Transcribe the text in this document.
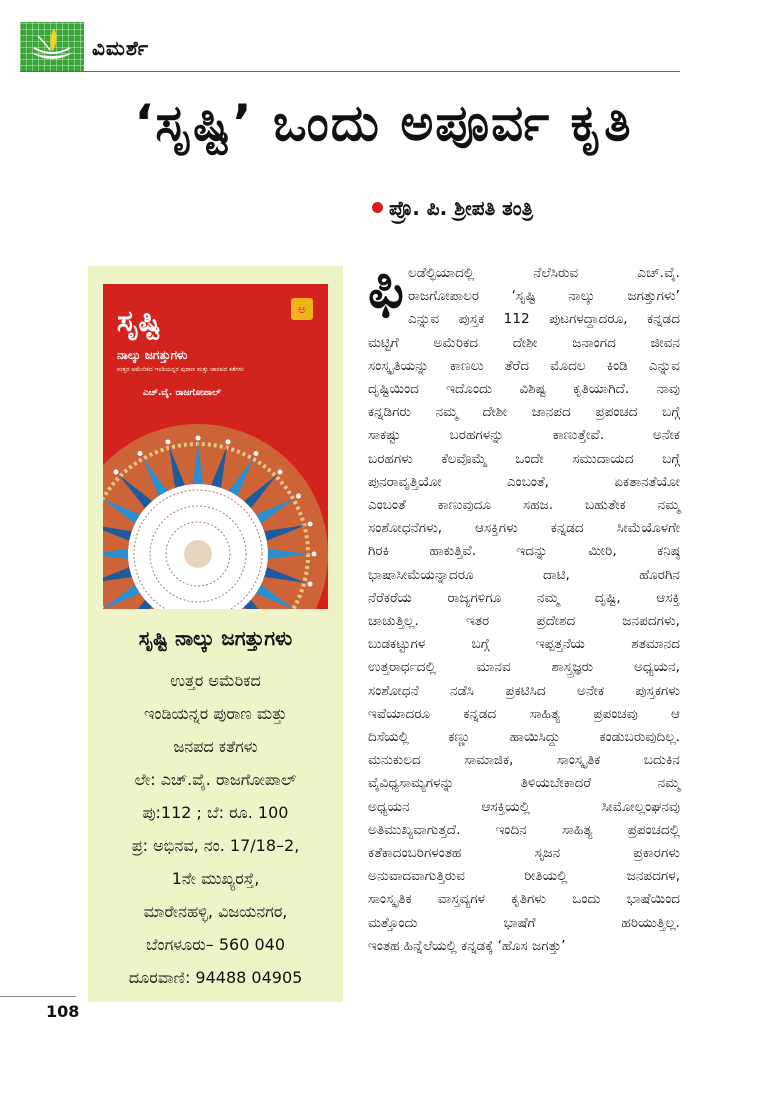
ವಿಮರ್ಶೆ
‘ಸೃಷ್ಟಿ’ ಒಂದು ಅಪೂರ್ವ ಕೃತಿ
ಪ್ರೊ. ಪಿ. ಶ್ರೀಪತಿ ತಂತ್ರಿ
ಅ
ಸೃಷ್ಟಿ
ನಾಲ್ಕು ಜಗತ್ತುಗಳು
ಉತ್ತರ ಅಮೇರಿಕದ ಇಂಡಿಯನ್ನರ ಪುರಾಣ ಮತ್ತು ಜಾನಪದ ಕತೆಗಳು
ಎಚ್.ವೈ. ರಾಜಗೋಪಾಲ್
ಸೃಷ್ಟಿ ನಾಲ್ಕು ಜಗತ್ತುಗಳು
ಉತ್ತರ ಅಮೆರಿಕದ
ಇಂಡಿಯನ್ನರ ಪುರಾಣ ಮತ್ತು
ಜನಪದ ಕತೆಗಳು
ಲೇ: ಎಚ್.ವೈ. ರಾಜಗೋಪಾಲ್
ಪು:112 ; ಬೆ: ರೂ. 100
ಪ್ರ: ಅಭಿನವ, ನಂ. 17/18–2,
1ನೇ ಮುಖ್ಯರಸ್ತೆ,
ಮಾರೇನಹಳ್ಳಿ, ವಿಜಯನಗರ,
ಬೆಂಗಳೂರು– 560 040
ದೂರವಾಣಿ: 94488 04905
ಫಿ ಲಡೆಲ್ಫಿಯಾದಲ್ಲಿ ನೆಲೆಸಿರುವ ಎಚ್.ವೈ.
ರಾಜಗೋಪಾಲರ ‘ಸೃಷ್ಟಿ ನಾಲ್ಕು ಜಗತ್ತುಗಳು’
ಎನ್ನುವ ಪುಸ್ತಕ 112 ಪುಟಗಳದ್ದಾದರೂ, ಕನ್ನಡದ
ಮಟ್ಟಿಗೆ ಅಮೆರಿಕದ ದೇಶೀ ಜನಾಂಗದ ಜೀವನ
ಸಂಸ್ಕೃತಿಯನ್ನು ಕಾಣಲು ತೆರೆದ ಮೊದಲ ಕಿಂಡಿ ಎನ್ನುವ
ದೃಷ್ಟಿಯಿಂದ ಇದೊಂದು ವಿಶಿಷ್ಟ ಕೃತಿಯಾಗಿದೆ. ನಾವು
ಕನ್ನಡಿಗರು ನಮ್ಮ ದೇಶೀ ಜಾನಪದ ಪ್ರಪಂಚದ ಬಗ್ಗೆ
ಸಾಕಷ್ಟು ಬರಹಗಳನ್ನು ಕಾಣುತ್ತೇವೆ. ಅನೇಕ
ಬರಹಗಳು ಕೆಲವೊಮ್ಮೆ ಒಂದೇ ಸಮುದಾಯದ ಬಗ್ಗೆ
ಪುನರಾವೃತ್ತಿಯೋ ಎಂಬಂತೆ, ಏಕತಾನತೆಯೋ
ಎಂಬಂತೆ ಕಾಣುವುದೂ ಸಹಜ. ಬಹುತೇಕ ನಮ್ಮ
ಸಂಶೋಧನೆಗಳು, ಆಸಕ್ತಿಗಳು ಕನ್ನಡದ ಸೀಮೆಯೊಳಗೇ
ಗಿರಕಿ ಹಾಕುತ್ತಿವೆ. ಇದನ್ನು ಮೀರಿ, ಕನಿಷ್ಠ
ಭಾಷಾಸೀಮೆಯನ್ನಾದರೂ ದಾಟಿ, ಹೊರಗಿನ
ನೆರೆಕರೆಯ ರಾಜ್ಯಗಳಿಗೂ ನಮ್ಮ ದೃಷ್ಟಿ, ಆಸಕ್ತಿ
ಚಾಚುತ್ತಿಲ್ಲ. ಇತರ ಪ್ರದೇಶದ ಜನಪದಗಳು,
ಬುಡಕಟ್ಟುಗಳ ಬಗ್ಗೆ ಇಪ್ಪತ್ತನೆಯ ಶತಮಾನದ
ಉತ್ತರಾರ್ಧದಲ್ಲಿ ಮಾನವ ಶಾಸ್ತ್ರಜ್ಞರು ಅಧ್ಯಯನ,
ಸಂಶೋಧನೆ ನಡೆಸಿ ಪ್ರಕಟಿಸಿದ ಅನೇಕ ಪುಸ್ತಕಗಳು
ಇವೆಯಾದರೂ ಕನ್ನಡದ ಸಾಹಿತ್ಯ ಪ್ರಪಂಚವು ಆ
ದಿಸೆಯಲ್ಲಿ ಕಣ್ಣು ಹಾಯಿಸಿದ್ದು ಕಂಡುಬರುವುದಿಲ್ಲ.
ಮನುಕುಲದ ಸಾಮಾಜಿಕ, ಸಾಂಸ್ಕೃತಿಕ ಬದುಕಿನ
ವೈವಿಧ್ಯಸಾಮ್ಯಗಳನ್ನು ತಿಳಿಯಬೇಕಾದರೆ ನಮ್ಮ
ಅಧ್ಯಯನ ಆಸಕ್ತಿಯಲ್ಲಿ ಸೀಮೋಲ್ಲಂಘನವು
ಅತಿಮುಖ್ಯವಾಗುತ್ತದೆ. ಇಂದಿನ ಸಾಹಿತ್ಯ ಪ್ರಪಂಚದಲ್ಲಿ
ಕತೆಕಾದಂಬರಿಗಳಂತಹ ಸೃಜನ ಪ್ರಕಾರಗಳು
ಅನುವಾದವಾಗುತ್ತಿರುವ ರೀತಿಯಲ್ಲಿ ಜನಪದಗಳ,
ಸಾಂಸ್ಕೃತಿಕ ವಾಸ್ತವ್ಯಗಳ ಕೃತಿಗಳು ಒಂದು ಭಾಷೆಯಿಂದ
ಮತ್ತೊಂದು ಭಾಷೆಗೆ ಹರಿಯುತ್ತಿಲ್ಲ.
ಇಂತಹ ಹಿನ್ನೆಲೆಯಲ್ಲಿ ಕನ್ನಡಕ್ಕೆ ‘ಹೊಸ ಜಗತ್ತು’
108
